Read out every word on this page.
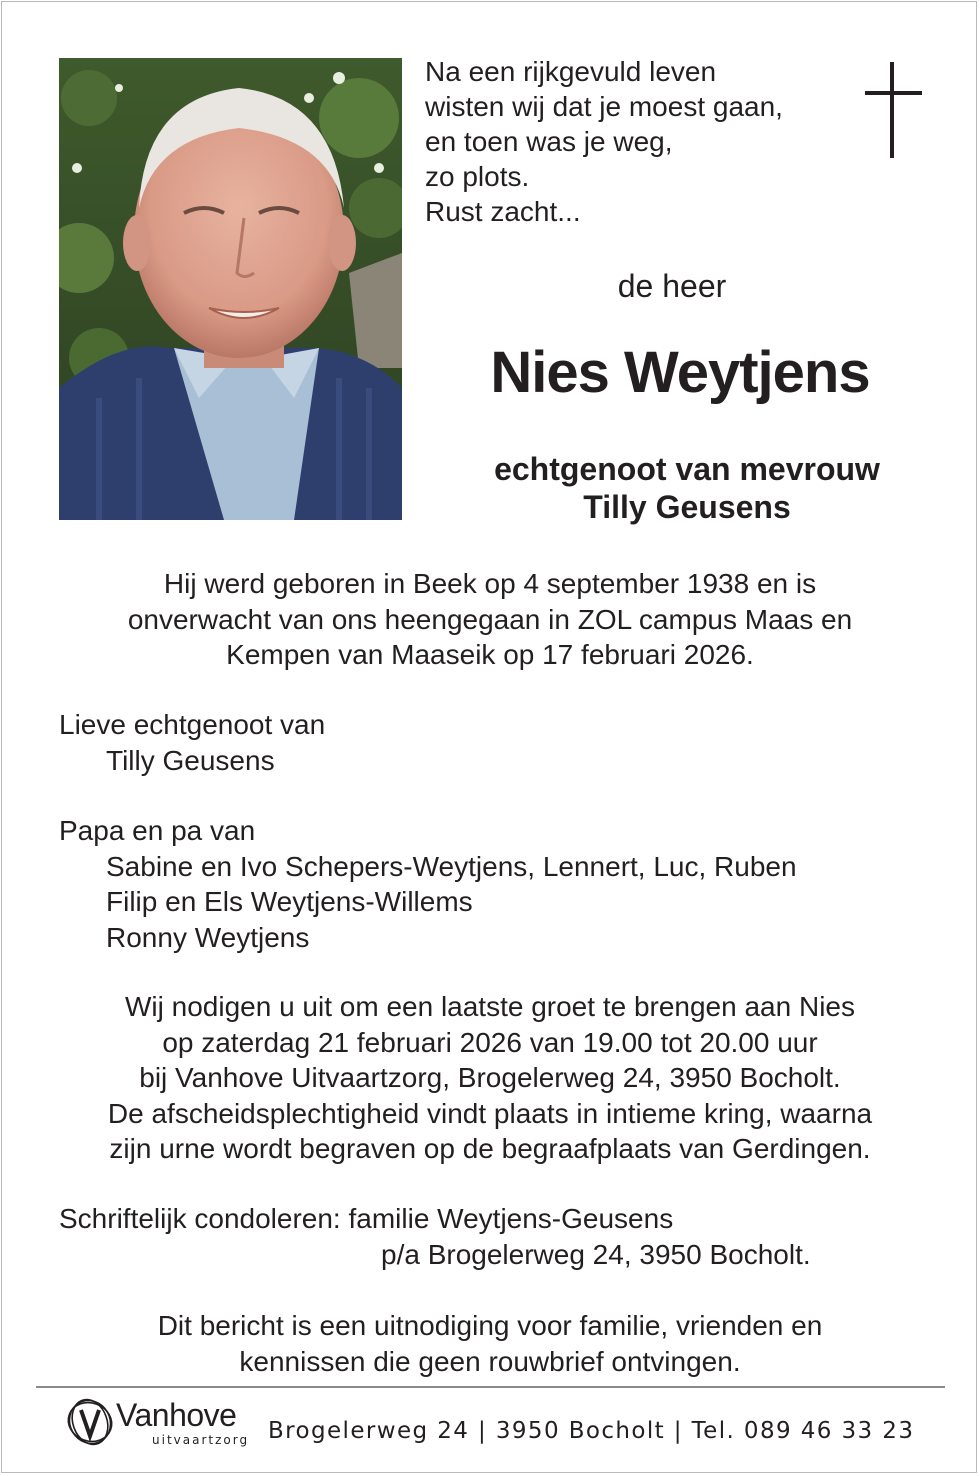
Na een rijkgevuld leven
wisten wij dat je moest gaan,
en toen was je weg,
zo plots.
Rust zacht...
de heer
Nies Weytjens
echtgenoot van mevrouw
Tilly Geusens
Hij werd geboren in Beek op 4 september 1938 en is
onverwacht van ons heengegaan in ZOL campus Maas en
Kempen van Maaseik op 17 februari 2026.
Lieve echtgenoot van
Tilly Geusens
Papa en pa van
Sabine en Ivo Schepers-Weytjens, Lennert, Luc, Ruben
Filip en Els Weytjens-Willems
Ronny Weytjens
Wij nodigen u uit om een laatste groet te brengen aan Nies
op zaterdag 21 februari 2026 van 19.00 tot 20.00 uur
bij Vanhove Uitvaartzorg, Brogelerweg 24, 3950 Bocholt.
De afscheidsplechtigheid vindt plaats in intieme kring, waarna
zijn urne wordt begraven op de begraafplaats van Gerdingen.
Schriftelijk condoleren: familie Weytjens-Geusens
p/a Brogelerweg 24, 3950 Bocholt.
Dit bericht is een uitnodiging voor familie, vrienden en
kennissen die geen rouwbrief ontvingen.
Vanhove
uitvaartzorg Brogelerweg 24 | 3950 Bocholt | Tel. 089 46 33 23
